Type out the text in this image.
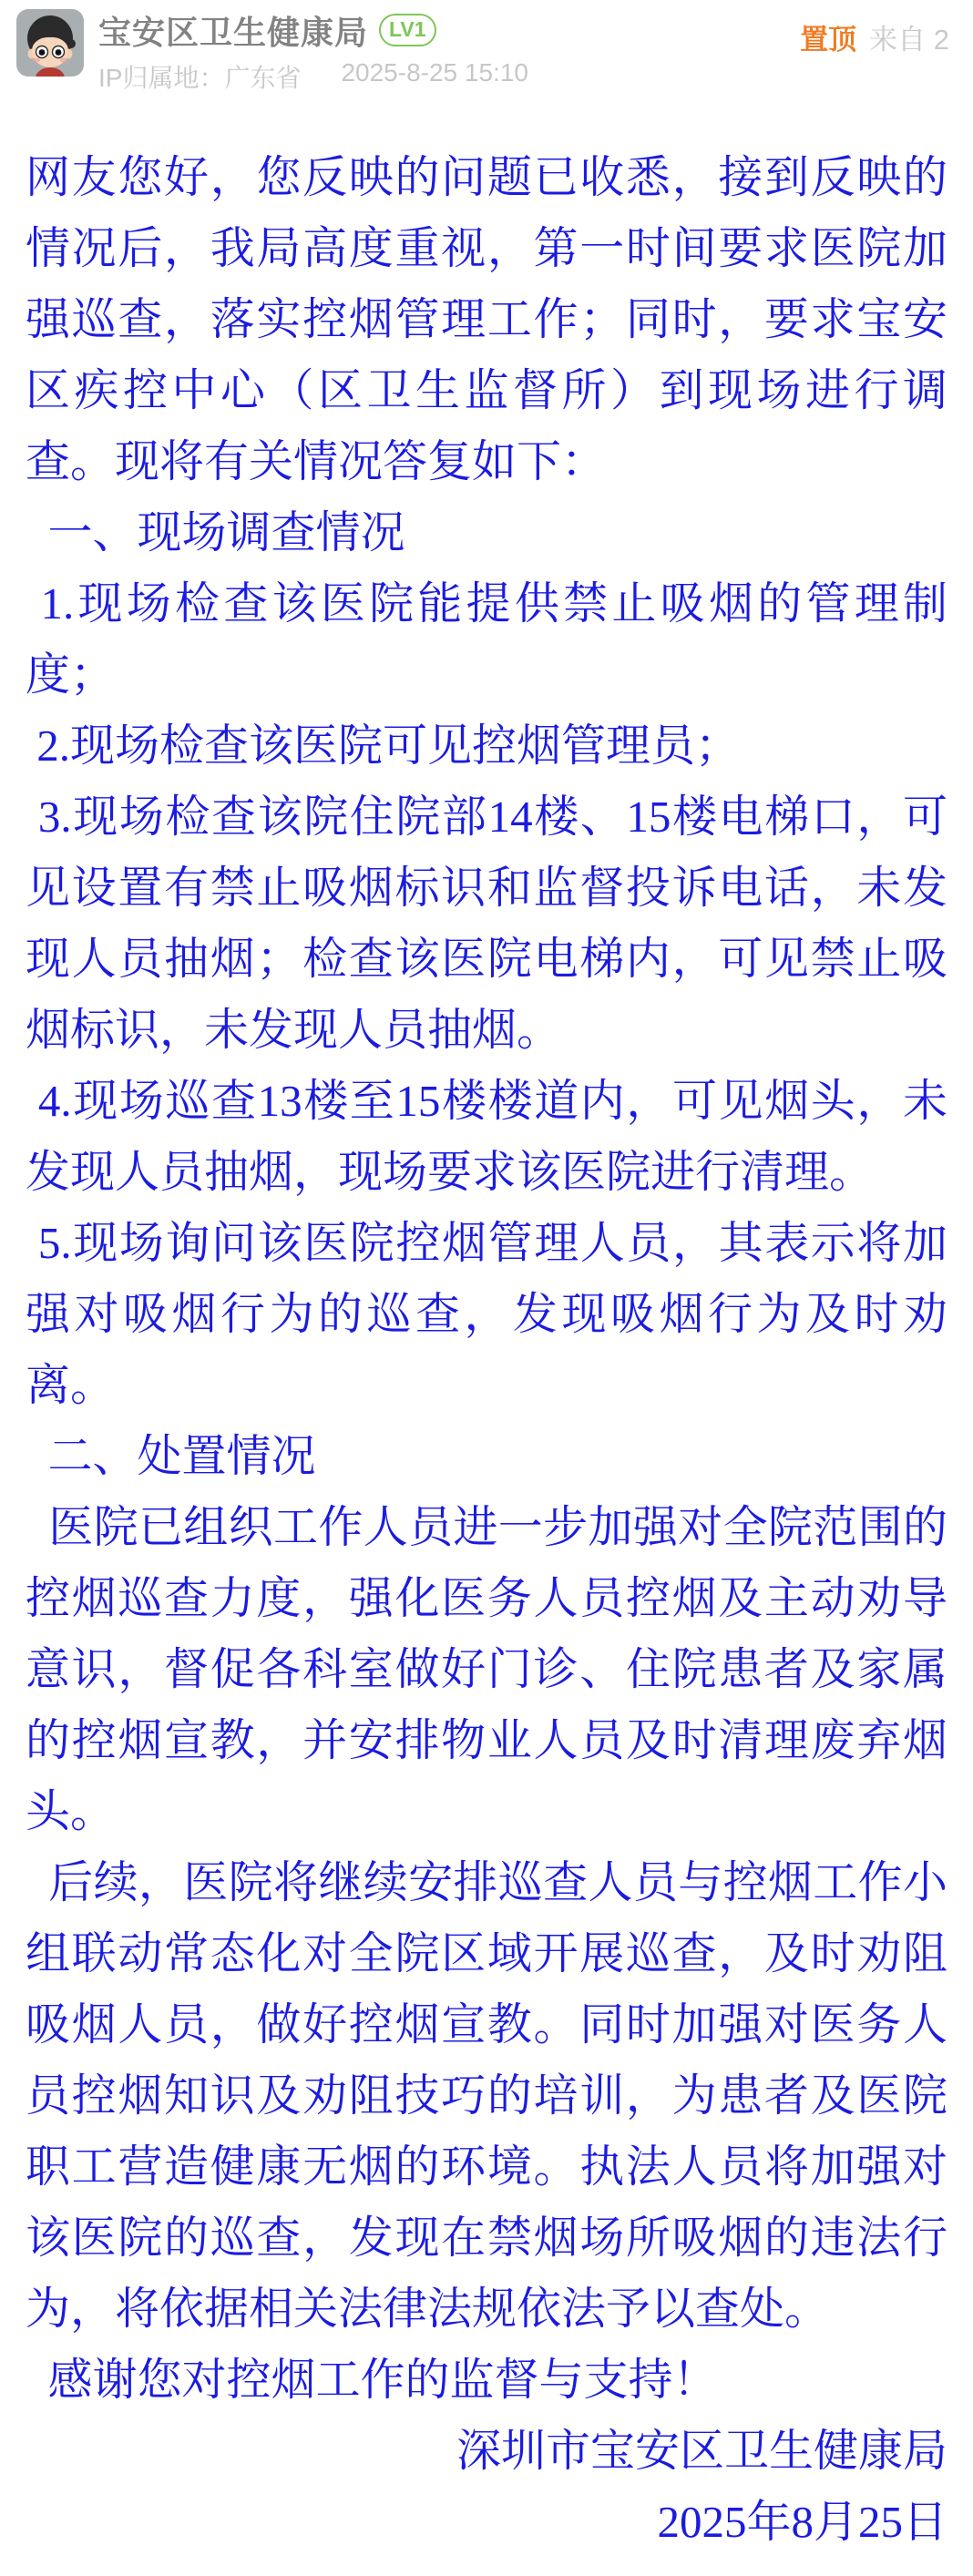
宝安区卫生健康局	LV1
IP归属地：广东省 2025-8-25 15:10
置顶 来自 2

网友您好，您反映的问题已收悉，接到反映的情况后，我局高度重视，第一时间要求医院加强巡查，落实控烟管理工作；同时，要求宝安区疾控中心（区卫生监督所）到现场进行调查。现将有关情况答复如下：

一、现场调查情况

1.现场检查该医院能提供禁止吸烟的管理制度；

2.现场检查该医院可见控烟管理员；

3.现场检查该院住院部14楼、15楼电梯口，可见设置有禁止吸烟标识和监督投诉电话，未发现人员抽烟；检查该医院电梯内，可见禁止吸烟标识，未发现人员抽烟。

4.现场巡查13楼至15楼楼道内，可见烟头，未发现人员抽烟，现场要求该医院进行清理。

5.现场询问该医院控烟管理人员，其表示将加强对吸烟行为的巡查，发现吸烟行为及时劝离。

二、处置情况

医院已组织工作人员进一步加强对全院范围的控烟巡查力度，强化医务人员控烟及主动劝导意识，督促各科室做好门诊、住院患者及家属的控烟宣教，并安排物业人员及时清理废弃烟头。

后续，医院将继续安排巡查人员与控烟工作小组联动常态化对全院区域开展巡查，及时劝阻吸烟人员，做好控烟宣教。同时加强对医务人员控烟知识及劝阻技巧的培训，为患者及医院职工营造健康无烟的环境。执法人员将加强对该医院的巡查，发现在禁烟场所吸烟的违法行为，将依据相关法律法规依法予以查处。

感谢您对控烟工作的监督与支持！

深圳市宝安区卫生健康局

2025年8月25日
